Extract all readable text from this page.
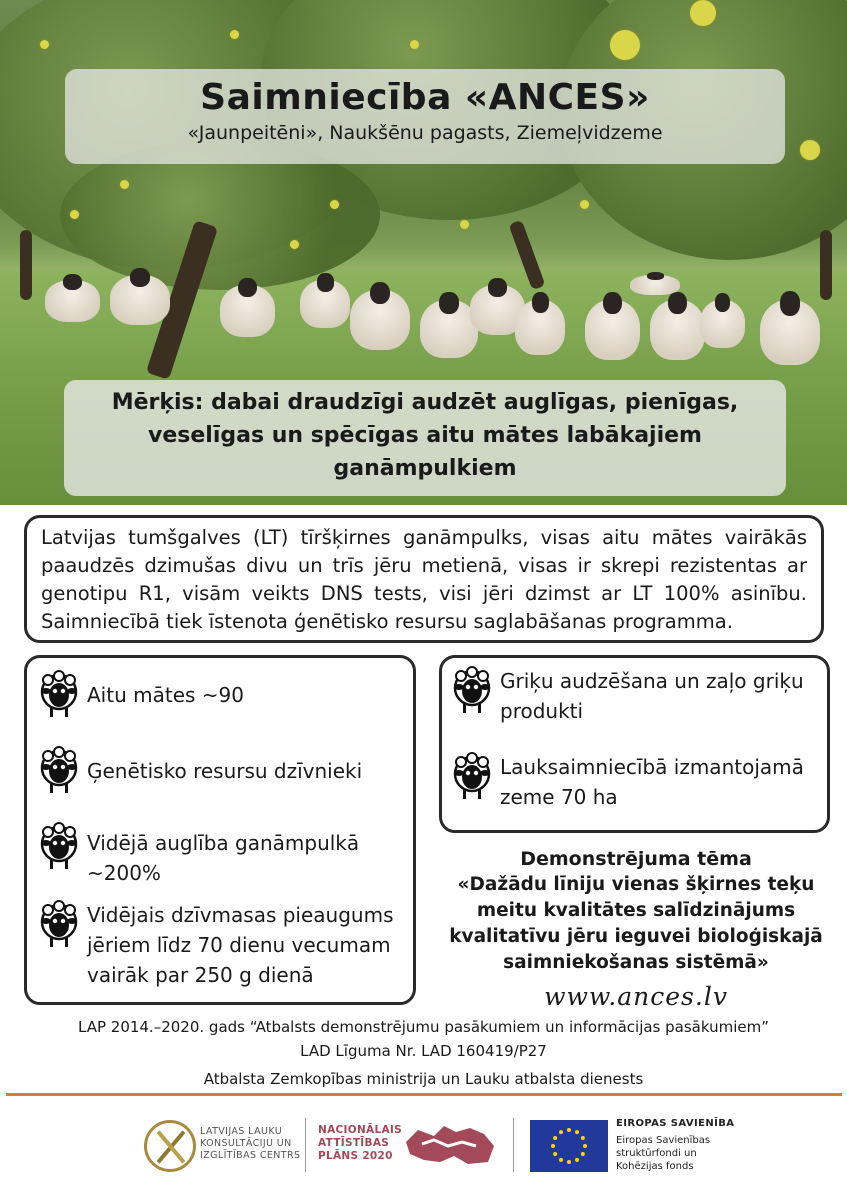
Saimniecība «ANCES»
«Jaunpeitēni», Naukšēnu pagasts, Ziemeļvidzeme
Mērķis: dabai draudzīgi audzēt auglīgas, pienīgas,
veselīgas un spēcīgas aitu mātes labākajiem
ganāmpulkiem

Latvijas tumšgalves (LT) tīršķirnes ganāmpulks, visas aitu mātes vairākās paaudzēs dzimušas divu un trīs jēru metienā, visas ir skrepi rezistentas ar genotipu R1, visām veikts DNS tests, visi jēri dzimst ar LT 100% asinību. Saimniecībā tiek īstenota ģenētisko resursu saglabāšanas programma.

Aitu mātes ~90
Ģenētisko resursu dzīvnieki
Vidējā auglība ganāmpulkā ~200%
Vidējais dzīvmasas pieaugums jēriem līdz 70 dienu vecumam vairāk par 250 g dienā
Griķu audzēšana un zaļo griķu produkti
Lauksaimniecībā izmantojamā zeme 70 ha
Demonstrējuma tēma
«Dažādu līniju vienas šķirnes teķu
meitu kvalitātes salīdzinājums
kvalitatīvu jēru ieguvei bioloģiskajā
saimniekošanas sistēmā»
www.ances.lv
LAP 2014.–2020. gads “Atbalsts demonstrējumu pasākumiem un informācijas pasākumiem”
LAD Līguma Nr. LAD 160419/P27
Atbalsta Zemkopības ministrija un Lauku atbalsta dienests
LATVIJAS LAUKU
KONSULTĀCIJU UN
IZGLĪTĪBAS CENTRS
NACIONĀLAIS
ATTĪSTĪBAS
PLĀNS 2020
EIROPAS SAVIENĪBA
Eiropas Savienības
struktūrfondi un
Kohēzijas fonds
